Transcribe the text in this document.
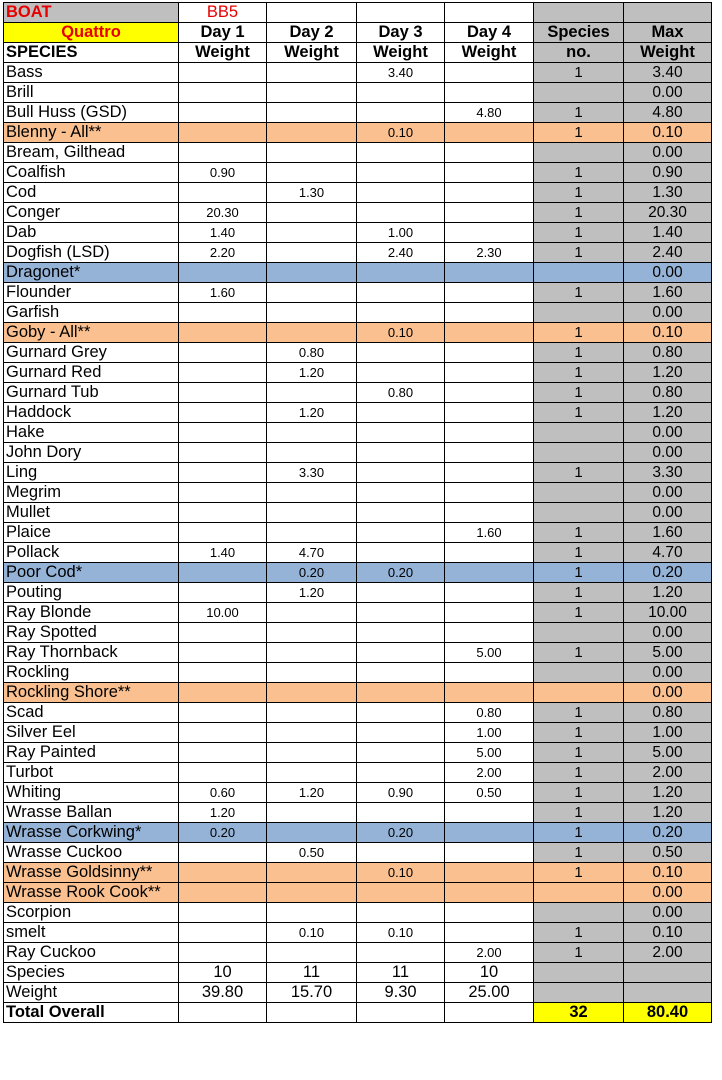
BOAT	BB5					
Quattro	Day 1	Day 2	Day 3	Day 4	Species	Max
SPECIES	Weight	Weight	Weight	Weight	no.	Weight
Bass			3.40		1	3.40
Brill						0.00
Bull Huss (GSD)				4.80	1	4.80
Blenny - All**			0.10		1	0.10
Bream, Gilthead						0.00
Coalfish	0.90				1	0.90
Cod		1.30			1	1.30
Conger	20.30				1	20.30
Dab	1.40		1.00		1	1.40
Dogfish (LSD)	2.20		2.40	2.30	1	2.40
Dragonet*						0.00
Flounder	1.60				1	1.60
Garfish						0.00
Goby - All**			0.10		1	0.10
Gurnard Grey		0.80			1	0.80
Gurnard Red		1.20			1	1.20
Gurnard Tub			0.80		1	0.80
Haddock		1.20			1	1.20
Hake						0.00
John Dory						0.00
Ling		3.30			1	3.30
Megrim						0.00
Mullet						0.00
Plaice				1.60	1	1.60
Pollack	1.40	4.70			1	4.70
Poor Cod*		0.20	0.20		1	0.20
Pouting		1.20			1	1.20
Ray Blonde	10.00				1	10.00
Ray Spotted						0.00
Ray Thornback				5.00	1	5.00
Rockling						0.00
Rockling Shore**						0.00
Scad				0.80	1	0.80
Silver Eel				1.00	1	1.00
Ray Painted				5.00	1	5.00
Turbot				2.00	1	2.00
Whiting	0.60	1.20	0.90	0.50	1	1.20
Wrasse Ballan	1.20				1	1.20
Wrasse Corkwing*	0.20		0.20		1	0.20
Wrasse Cuckoo		0.50			1	0.50
Wrasse Goldsinny**			0.10		1	0.10
Wrasse Rook Cook**						0.00
Scorpion						0.00
smelt		0.10	0.10		1	0.10
Ray Cuckoo				2.00	1	2.00
Species	10	11	11	10		
Weight	39.80	15.70	9.30	25.00		
Total Overall					32	80.40
